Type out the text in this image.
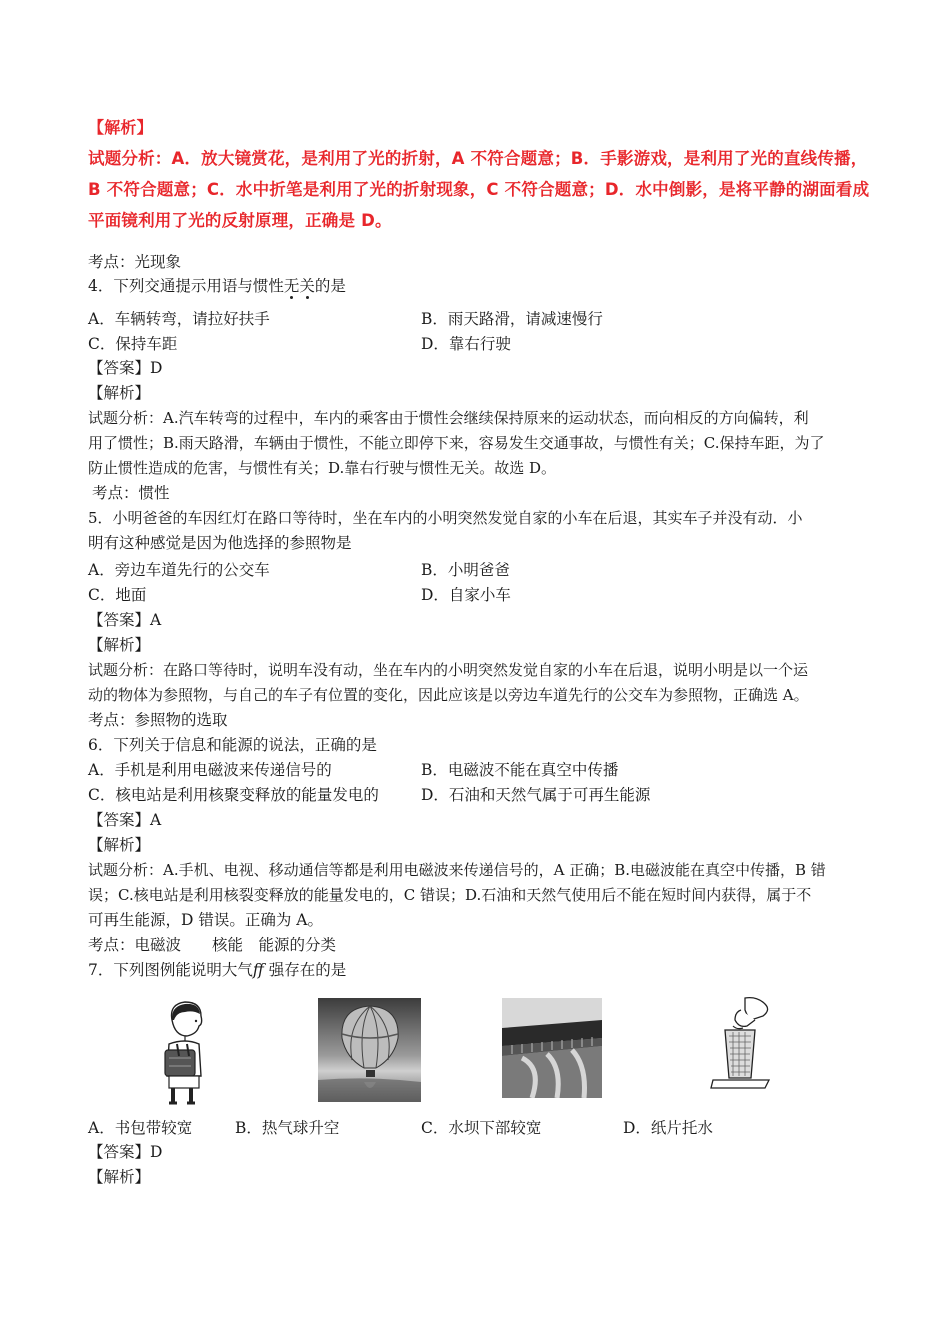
【解析】
试题分析：A．放大镜赏花，是利用了光的折射，A 不符合题意；B．手影游戏，是利用了光的直线传播，
B 不符合题意；C．水中折笔是利用了光的折射现象，C 不符合题意；D．水中倒影，是将平静的湖面看成
平面镜利用了光的反射原理，正确是 D。
考点：光现象
4．下列交通提示用语与惯性无关的是
A．车辆转弯，请拉好扶手	B．雨天路滑，请减速慢行
C．保持车距	D．靠右行驶
【答案】D
【解析】
试题分析：A.汽车转弯的过程中，车内的乘客由于惯性会继续保持原来的运动状态，而向相反的方向偏转，利
用了惯性；B.雨天路滑，车辆由于惯性，不能立即停下来，容易发生交通事故，与惯性有关；C.保持车距，为了
防止惯性造成的危害，与惯性有关；D.靠右行驶与惯性无关。故选 D。
考点：惯性
5．小明爸爸的车因红灯在路口等待时，坐在车内的小明突然发觉自家的小车在后退，其实车子并没有动．小
明有这种感觉是因为他选择的参照物是
A．旁边车道先行的公交车	B．小明爸爸
C．地面	D．自家小车
【答案】A
【解析】
试题分析：在路口等待时，说明车没有动，坐在车内的小明突然发觉自家的小车在后退，说明小明是以一个运
动的物体为参照物，与自己的车子有位置的变化，因此应该是以旁边车道先行的公交车为参照物，正确选 A。
考点：参照物的选取
6．下列关于信息和能源的说法，正确的是
A．手机是利用电磁波来传递信号的	B．电磁波不能在真空中传播
C．核电站是利用核聚变释放的能量发电的	D．石油和天然气属于可再生能源
【答案】A
【解析】
试题分析：A.手机、电视、移动通信等都是利用电磁波来传递信号的，A 正确；B.电磁波能在真空中传播，B 错
误；C.核电站是利用核裂变释放的能量发电的，C 错误；D.石油和天然气使用后不能在短时间内获得，属于不
可再生能源，D 错误。正确为 A。
考点：电磁波　　核能　能源的分类
7．下列图例能说明大气ff 强存在的是
A．书包带较宽	B．热气球升空	C．水坝下部较宽	D．纸片托水
【答案】D
【解析】
